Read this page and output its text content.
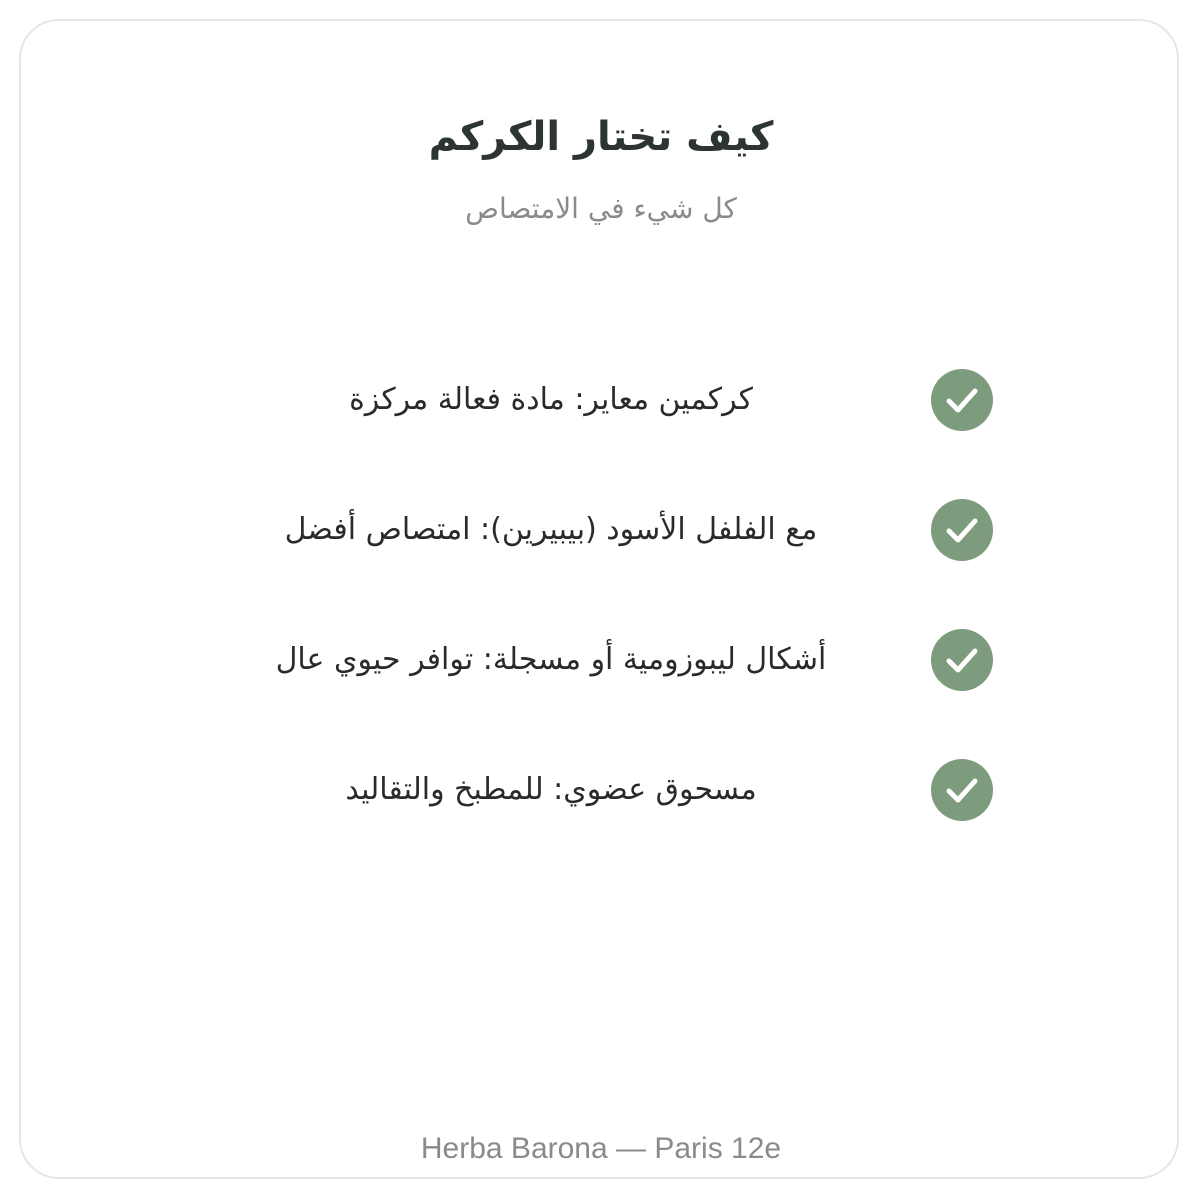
كيف تختار الكركم
كل شيء في الامتصاص
كركمين معاير: مادة فعالة مركزة
مع الفلفل الأسود (بيبيرين): امتصاص أفضل
أشكال ليبوزومية أو مسجلة: توافر حيوي عال
مسحوق عضوي: للمطبخ والتقاليد
Herba Barona — Paris 12e
